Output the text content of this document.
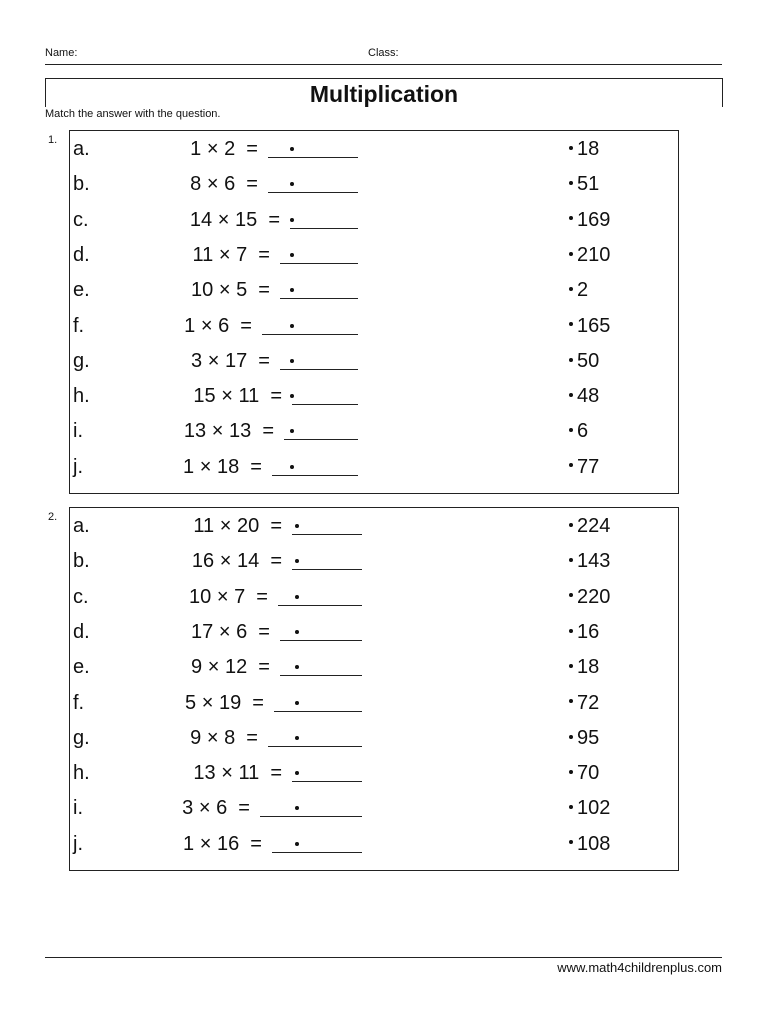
Name:	Class:
Multiplication
Match the answer with the question.
1. a.	1 × 2  =	18
b.	8 × 6  =	51
c.	14 × 15  =	169
d.	11 × 7  =	210
e.	10 × 5  =	2
f.	1 × 6  =	165
g.	3 × 17  =	50
h.	15 × 11  =	48
i.	13 × 13  =	6
j.	1 × 18  =	77
2. a.	11 × 20  =	224
b.	16 × 14  =	143
c.	10 × 7  =	220
d.	17 × 6  =	16
e.	9 × 12  =	18
f.	5 × 19  =	72
g.	9 × 8  =	95
h.	13 × 11  =	70
i.	3 × 6  =	102
j.	1 × 16  =	108
www.math4childrenplus.com
